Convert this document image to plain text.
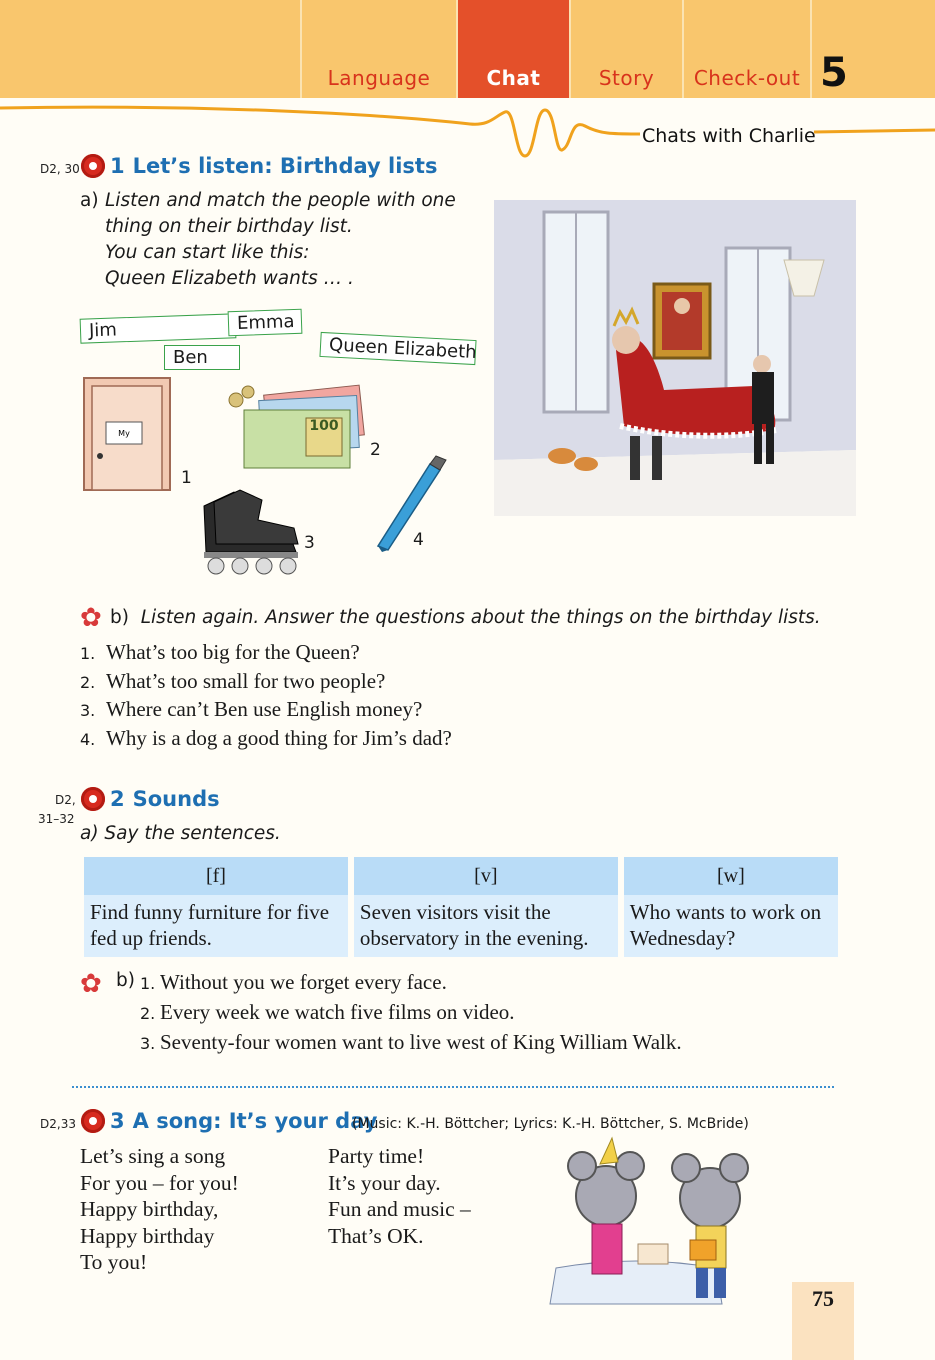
Language	Chat	Story	Check-out 5
Chats with Charlie
D2, 30 1 Let’s listen: Birthday lists
a) Listen and match the people with one
thing on their birthday list.
You can start like this:
Queen Elizabeth wants … .
Jim	Emma
Ben	Queen Elizabeth
My
1
100
2
3	4
✿ b) Listen again. Answer the questions about the things on the birthday lists.
1. What’s too big for the Queen?
2. What’s too small for two people?
3. Where can’t Ben use English money?
4. Why is a dog a good thing for Jim’s dad?
D2,
31–32
2 Sounds
a) Say the sentences.
[f]	[v]	[w]
Find funny furniture for five fed up friends.	Seven visitors visit the observatory in the evening.	Who wants to work on Wednesday?
✿ b) 1. Without you we forget every face.
2. Every week we watch five films on video.
3. Seventy-four women want to live west of King William Walk.
D2,33 3 A song: It’s your day
(Music: K.-H. Böttcher; Lyrics: K.-H. Böttcher, S. McBride)
Let’s sing a song
For you – for you!
Happy birthday,
Happy birthday
To you!
Party time!
It’s your day.
Fun and music –
That’s OK.
75
